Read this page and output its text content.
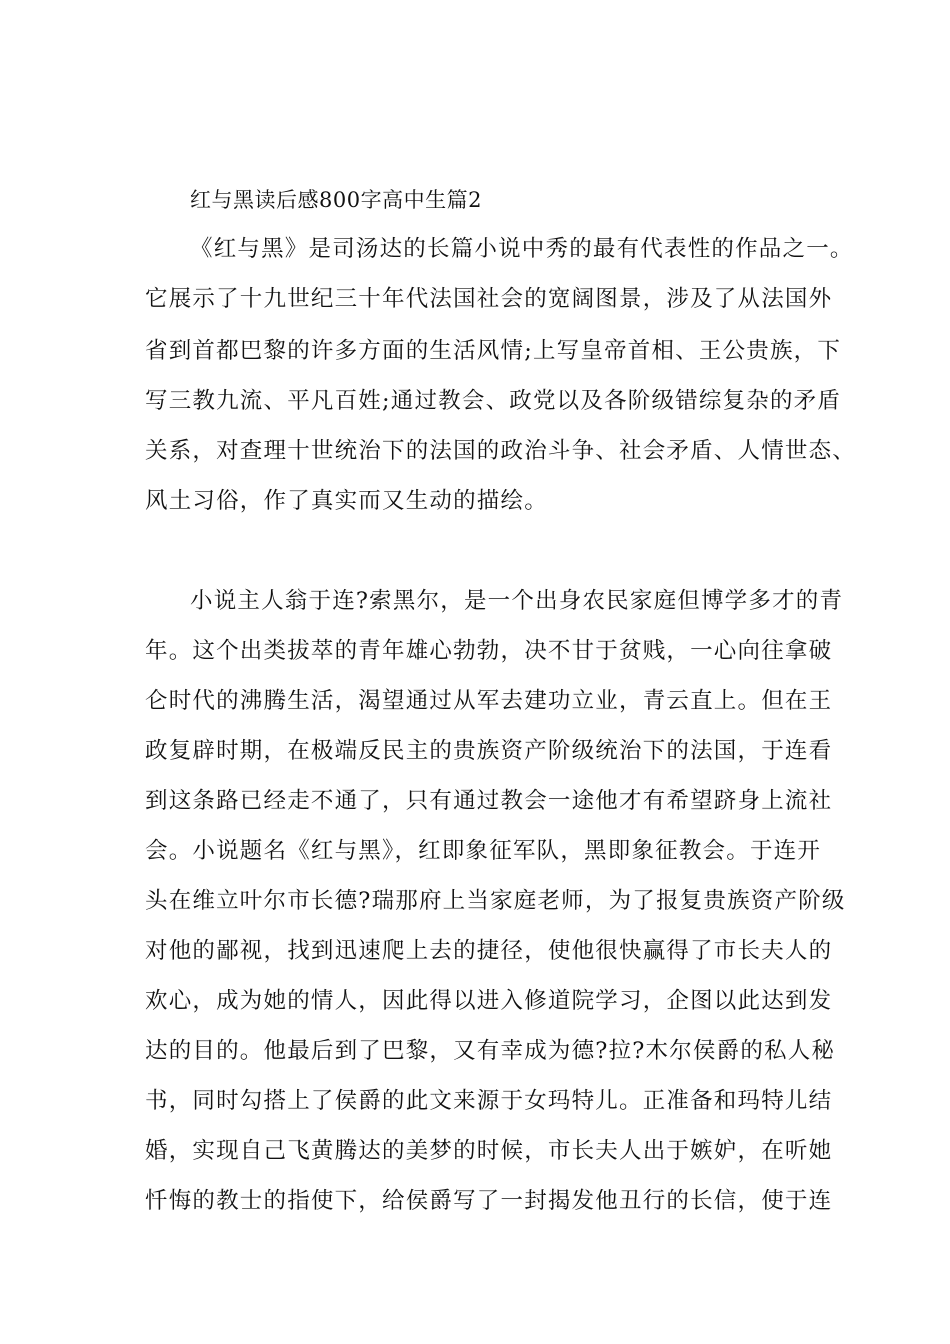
红与黑读后感800字高中生篇2
《红与黑》是司汤达的长篇小说中秀的最有代表性的作品之一。
它展示了十九世纪三十年代法国社会的宽阔图景，涉及了从法国外
省到首都巴黎的许多方面的生活风情;上写皇帝首相、王公贵族，下
写三教九流、平凡百姓;通过教会、政党以及各阶级错综复杂的矛盾
关系，对查理十世统治下的法国的政治斗争、社会矛盾、人情世态、
风土习俗，作了真实而又生动的描绘。
小说主人翁于连?索黑尔，是一个出身农民家庭但博学多才的青
年。这个出类拔萃的青年雄心勃勃，决不甘于贫贱，一心向往拿破
仑时代的沸腾生活，渴望通过从军去建功立业，青云直上。但在王
政复辟时期，在极端反民主的贵族资产阶级统治下的法国，于连看
到这条路已经走不通了，只有通过教会一途他才有希望跻身上流社
会。小说题名《红与黑》，红即象征军队，黑即象征教会。于连开
头在维立叶尔市长德?瑞那府上当家庭老师，为了报复贵族资产阶级
对他的鄙视，找到迅速爬上去的捷径，使他很快赢得了市长夫人的
欢心，成为她的情人，因此得以进入修道院学习，企图以此达到发
达的目的。他最后到了巴黎，又有幸成为德?拉?木尔侯爵的私人秘
书，同时勾搭上了侯爵的此文来源于女玛特儿。正准备和玛特儿结
婚，实现自己飞黄腾达的美梦的时候，市长夫人出于嫉妒，在听她
忏悔的教士的指使下，给侯爵写了一封揭发他丑行的长信，使于连
